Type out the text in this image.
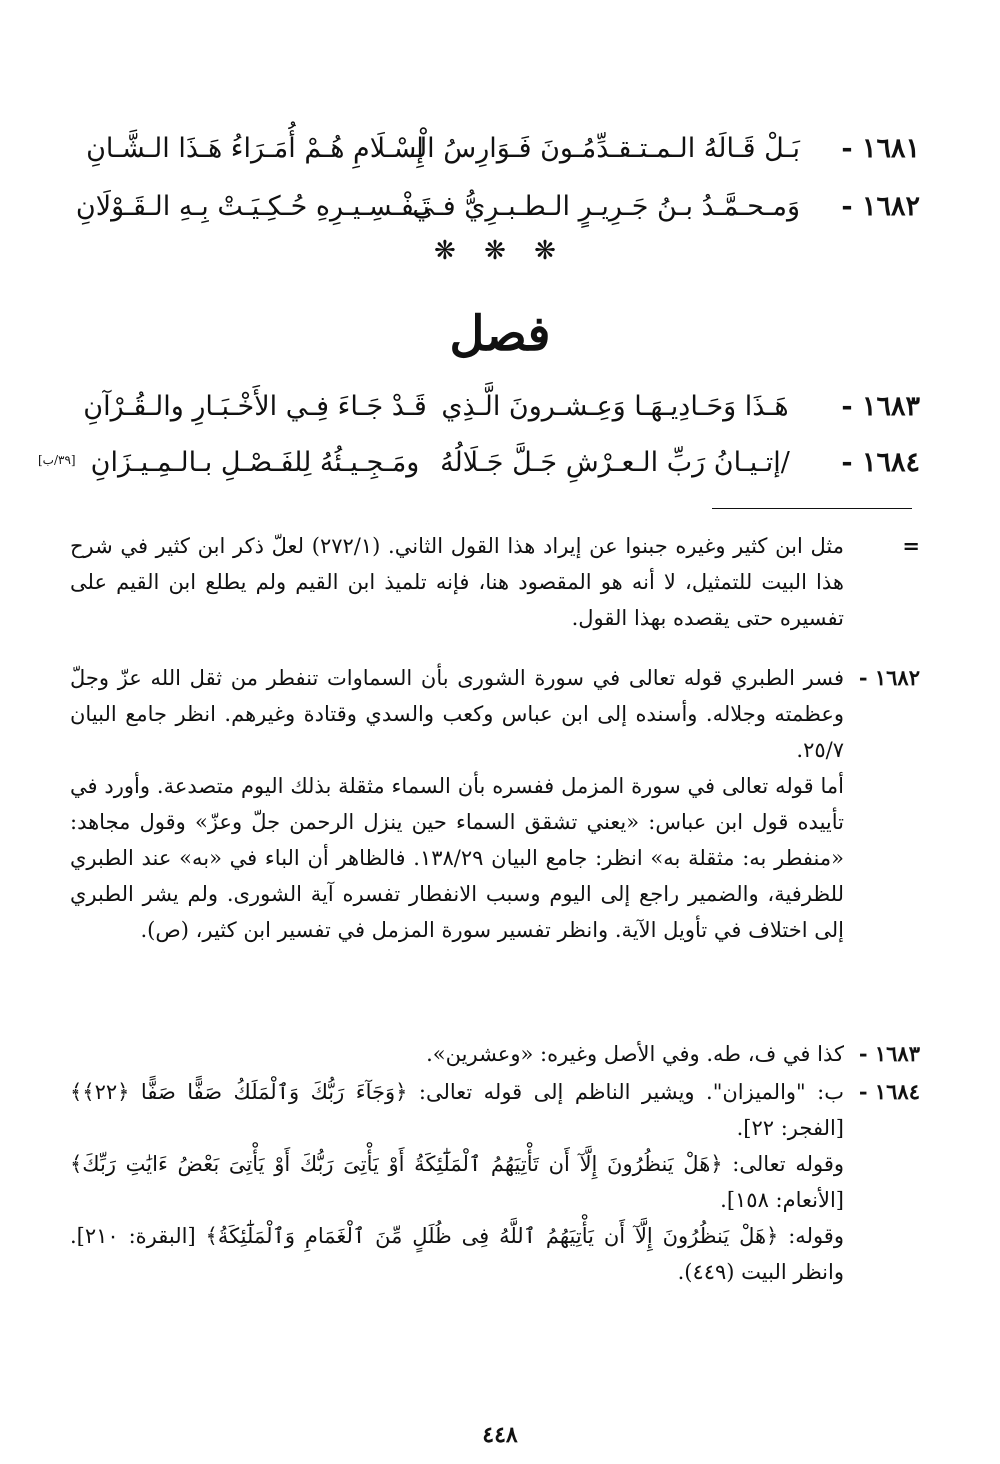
١٦٨١ -
بَـلْ قَـالَهُ الـمـتـقـدِّمُـونَ فَـوَارِسُ الْـ
إِسْـلَامِ هُـمْ أُمَـرَاءُ هَـذَا الـشَّـانِ
١٦٨٢ -
وَمـحـمَّـدُ بـنُ جَـرِيـرٍ الـطـبـرِيُّ فـي
تَـفْـسِـيـرِهِ حُـكِـيَـتْ بِـهِ الـقَـوْلَانِ
❋ ❋ ❋
فصل
١٦٨٣ -
هَـذَا وَحَـادِيـهَـا وَعِـشـرونَ الَّـذِي
قَـدْ جَـاءَ فِـي الأَخْـبَـارِ والـقُـرْآنِ
[٣٩/ب]	١٦٨٤ -
/إتـيـانُ رَبِّ الـعـرْشِ جَـلَّ جَـلَالُهُ
ومَـجِـيـئُهُ لِلفَـصْـلِ بـالـمِـيـزَانِ
=

مثل ابن كثير وغيره جبنوا عن إيراد هذا القول الثاني. (٢٧٢/١) لعلّ ذكر ابن كثير في شرح هذا البيت للتمثيل، لا أنه هو المقصود هنا، فإنه تلميذ ابن القيم ولم يطلع ابن القيم على تفسيره حتى يقصده بهذا القول.

١٦٨٢ -

فسر الطبري قوله تعالى في سورة الشورى بأن السماوات تنفطر من ثقل الله عزّ وجلّ وعظمته وجلاله. وأسنده إلى ابن عباس وكعب والسدي وقتادة وغيرهم. انظر جامع البيان ٢٥/٧.

أما قوله تعالى في سورة المزمل ففسره بأن السماء مثقلة بذلك اليوم متصدعة. وأورد في تأييده قول ابن عباس: «يعني تشقق السماء حين ينزل الرحمن جلّ وعزّ» وقول مجاهد: «منفطر به: مثقلة به» انظر: جامع البيان ١٣٨/٢٩. فالظاهر أن الباء في «به» عند الطبري للظرفية، والضمير راجع إلى اليوم وسبب الانفطار تفسره آية الشورى. ولم يشر الطبري إلى اختلاف في تأويل الآية. وانظر تفسير سورة المزمل في تفسير ابن كثير، (ص).

١٦٨٣ -

كذا في ف، طه. وفي الأصل وغيره: «وعشرين».

١٦٨٤ -

ب: "والميزان". ويشير الناظم إلى قوله تعالى: ﴿وَجَآءَ رَبُّكَ وَٱلْمَلَكُ صَفًّا صَفًّا ﴿٢٢﴾﴾ [الفجر: ٢٢].

وقوله تعالى: ﴿هَلْ يَنظُرُونَ إِلَّآ أَن تَأْتِيَهُمُ ٱلْمَلَٰٓئِكَةُ أَوْ يَأْتِىَ رَبُّكَ أَوْ يَأْتِىَ بَعْضُ ءَايَٰتِ رَبِّكَ﴾ [الأنعام: ١٥٨].

وقوله: ﴿هَلْ يَنظُرُونَ إِلَّآ أَن يَأْتِيَهُمُ ٱللَّهُ فِى ظُلَلٍ مِّنَ ٱلْغَمَامِ وَٱلْمَلَٰٓئِكَةُ﴾ [البقرة: ٢١٠]. وانظر البيت (٤٤٩).

٤٤٨
